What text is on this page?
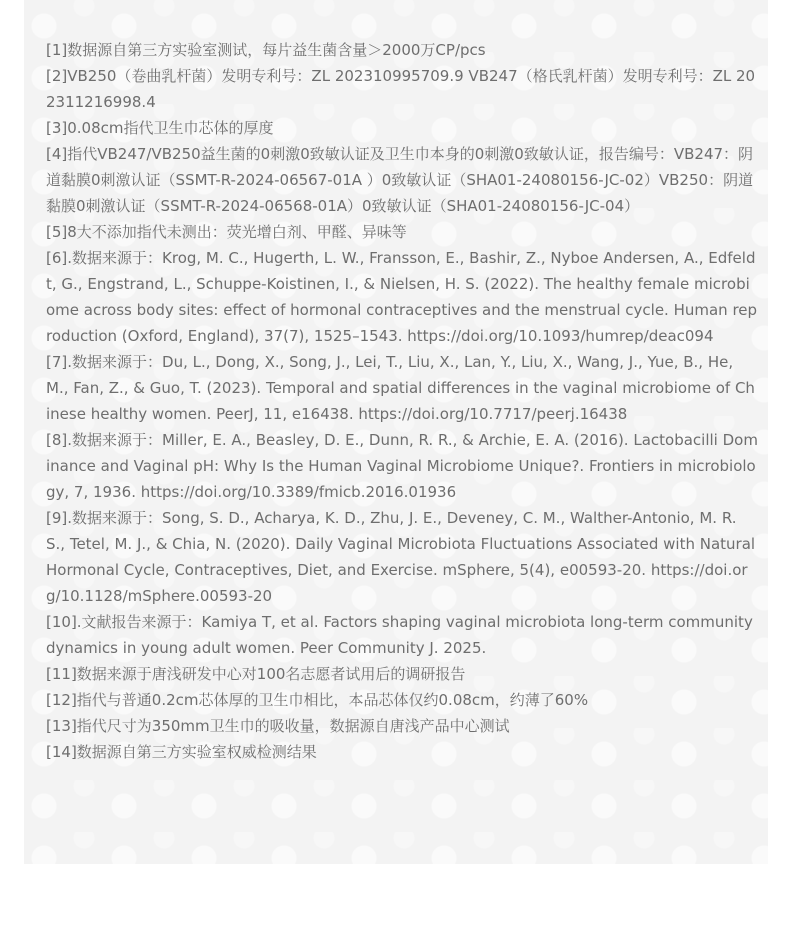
[1]数据源自第三方实验室测试，每片益生菌含量＞2000万CP/pcs
[2]VB250（卷曲乳杆菌）发明专利号：ZL 202310995709.9 VB247（格氏乳杆菌）发明专利号：ZL 202311216998.4
[3]0.08cm指代卫生巾芯体的厚度
[4]指代VB247/VB250益生菌的0刺激0致敏认证及卫生巾本身的0刺激0致敏认证，报告编号：VB247：阴道黏膜0刺激认证（SSMT-R-2024-06567-01A ）0致敏认证（SHA01-24080156-JC-02）VB250：阴道黏膜0刺激认证（SSMT-R-2024-06568-01A）0致敏认证（SHA01-24080156-JC-04）
[5]8大不添加指代未测出：荧光增白剂、甲醛、异味等
[6].数据来源于：Krog, M. C., Hugerth, L. W., Fransson, E., Bashir, Z., Nyboe Andersen, A., Edfeldt, G., Engstrand, L., Schuppe-Koistinen, I., & Nielsen, H. S. (2022). The healthy female microbiome across body sites: effect of hormonal contraceptives and the menstrual cycle. Human reproduction (Oxford, England), 37(7), 1525–1543. https://doi.org/10.1093/humrep/deac094
[7].数据来源于：Du, L., Dong, X., Song, J., Lei, T., Liu, X., Lan, Y., Liu, X., Wang, J., Yue, B., He, M., Fan, Z., & Guo, T. (2023). Temporal and spatial differences in the vaginal microbiome of Chinese healthy women. PeerJ, 11, e16438. https://doi.org/10.7717/peerj.16438
[8].数据来源于：Miller, E. A., Beasley, D. E., Dunn, R. R., & Archie, E. A. (2016). Lactobacilli Dominance and Vaginal pH: Why Is the Human Vaginal Microbiome Unique?. Frontiers in microbiology, 7, 1936. https://doi.org/10.3389/fmicb.2016.01936
[9].数据来源于：Song, S. D., Acharya, K. D., Zhu, J. E., Deveney, C. M., Walther-Antonio, M. R. S., Tetel, M. J., & Chia, N. (2020). Daily Vaginal Microbiota Fluctuations Associated with Natural Hormonal Cycle, Contraceptives, Diet, and Exercise. mSphere, 5(4), e00593-20. https://doi.org/10.1128/mSphere.00593-20
[10].文献报告来源于：Kamiya T, et al. Factors shaping vaginal microbiota long-term community dynamics in young adult women. Peer Community J. 2025.
[11]数据来源于唐浅研发中心对100名志愿者试用后的调研报告
[12]指代与普通0.2cm芯体厚的卫生巾相比，本品芯体仅约0.08cm，约薄了60%
[13]指代尺寸为350mm卫生巾的吸收量，数据源自唐浅产品中心测试
[14]数据源自第三方实验室权威检测结果
